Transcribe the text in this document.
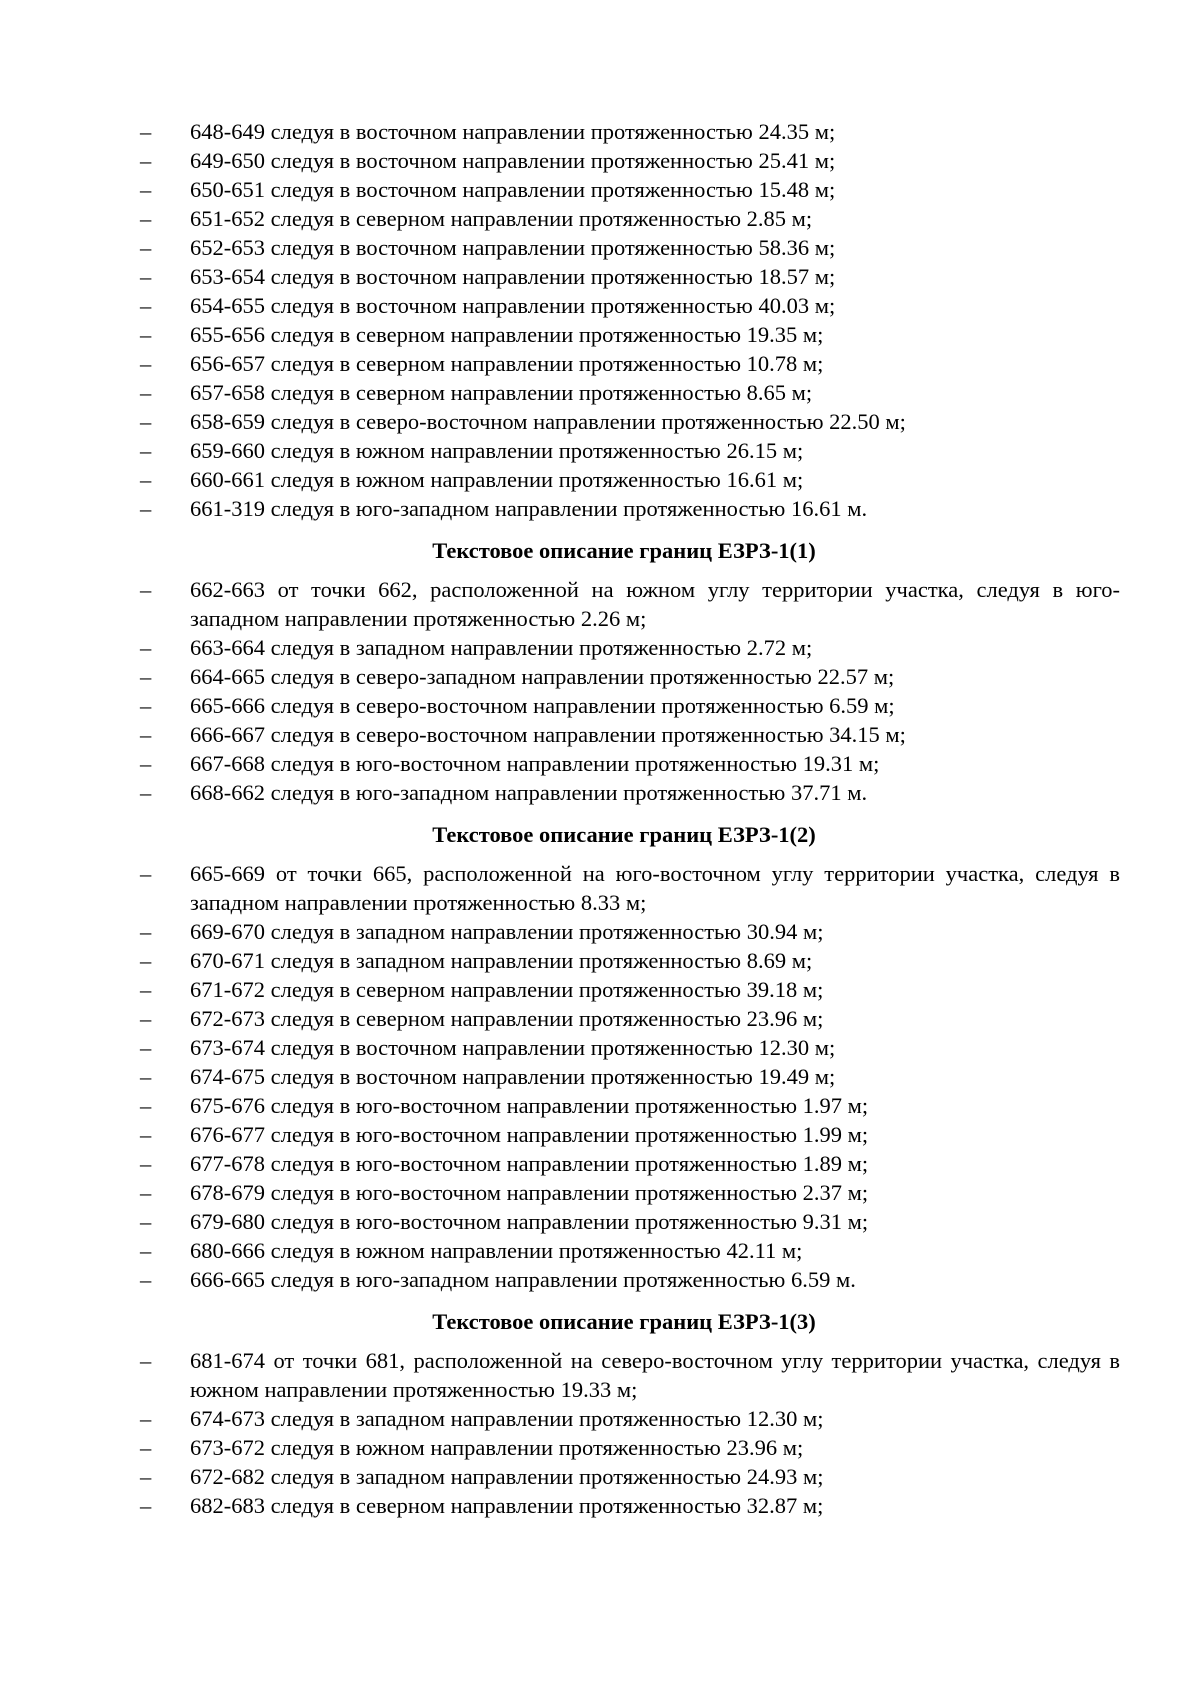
– 648-649 следуя в восточном направлении протяженностью 24.35 м;
– 649-650 следуя в восточном направлении протяженностью 25.41 м;
– 650-651 следуя в восточном направлении протяженностью 15.48 м;
– 651-652 следуя в северном направлении протяженностью 2.85 м;
– 652-653 следуя в восточном направлении протяженностью 58.36 м;
– 653-654 следуя в восточном направлении протяженностью 18.57 м;
– 654-655 следуя в восточном направлении протяженностью 40.03 м;
– 655-656 следуя в северном направлении протяженностью 19.35 м;
– 656-657 следуя в северном направлении протяженностью 10.78 м;
– 657-658 следуя в северном направлении протяженностью 8.65 м;
– 658-659 следуя в северо-восточном направлении протяженностью 22.50 м;
– 659-660 следуя в южном направлении протяженностью 26.15 м;
– 660-661 следуя в южном направлении протяженностью 16.61 м;
– 661-319 следуя в юго-западном направлении протяженностью 16.61 м.
Текстовое описание границ ЕЗРЗ-1(1)
– 662-663 от точки 662, расположенной на южном углу территории участка, следуя в юго-западном направлении протяженностью 2.26 м;
– 663-664 следуя в западном направлении протяженностью 2.72 м;
– 664-665 следуя в северо-западном направлении протяженностью 22.57 м;
– 665-666 следуя в северо-восточном направлении протяженностью 6.59 м;
– 666-667 следуя в северо-восточном направлении протяженностью 34.15 м;
– 667-668 следуя в юго-восточном направлении протяженностью 19.31 м;
– 668-662 следуя в юго-западном направлении протяженностью 37.71 м.
Текстовое описание границ ЕЗРЗ-1(2)
– 665-669 от точки 665, расположенной на юго-восточном углу территории участка, следуя в западном направлении протяженностью 8.33 м;
– 669-670 следуя в западном направлении протяженностью 30.94 м;
– 670-671 следуя в западном направлении протяженностью 8.69 м;
– 671-672 следуя в северном направлении протяженностью 39.18 м;
– 672-673 следуя в северном направлении протяженностью 23.96 м;
– 673-674 следуя в восточном направлении протяженностью 12.30 м;
– 674-675 следуя в восточном направлении протяженностью 19.49 м;
– 675-676 следуя в юго-восточном направлении протяженностью 1.97 м;
– 676-677 следуя в юго-восточном направлении протяженностью 1.99 м;
– 677-678 следуя в юго-восточном направлении протяженностью 1.89 м;
– 678-679 следуя в юго-восточном направлении протяженностью 2.37 м;
– 679-680 следуя в юго-восточном направлении протяженностью 9.31 м;
– 680-666 следуя в южном направлении протяженностью 42.11 м;
– 666-665 следуя в юго-западном направлении протяженностью 6.59 м.
Текстовое описание границ ЕЗРЗ-1(3)
– 681-674 от точки 681, расположенной на северо-восточном углу территории участка, следуя в южном направлении протяженностью 19.33 м;
– 674-673 следуя в западном направлении протяженностью 12.30 м;
– 673-672 следуя в южном направлении протяженностью 23.96 м;
– 672-682 следуя в западном направлении протяженностью 24.93 м;
– 682-683 следуя в северном направлении протяженностью 32.87 м;
